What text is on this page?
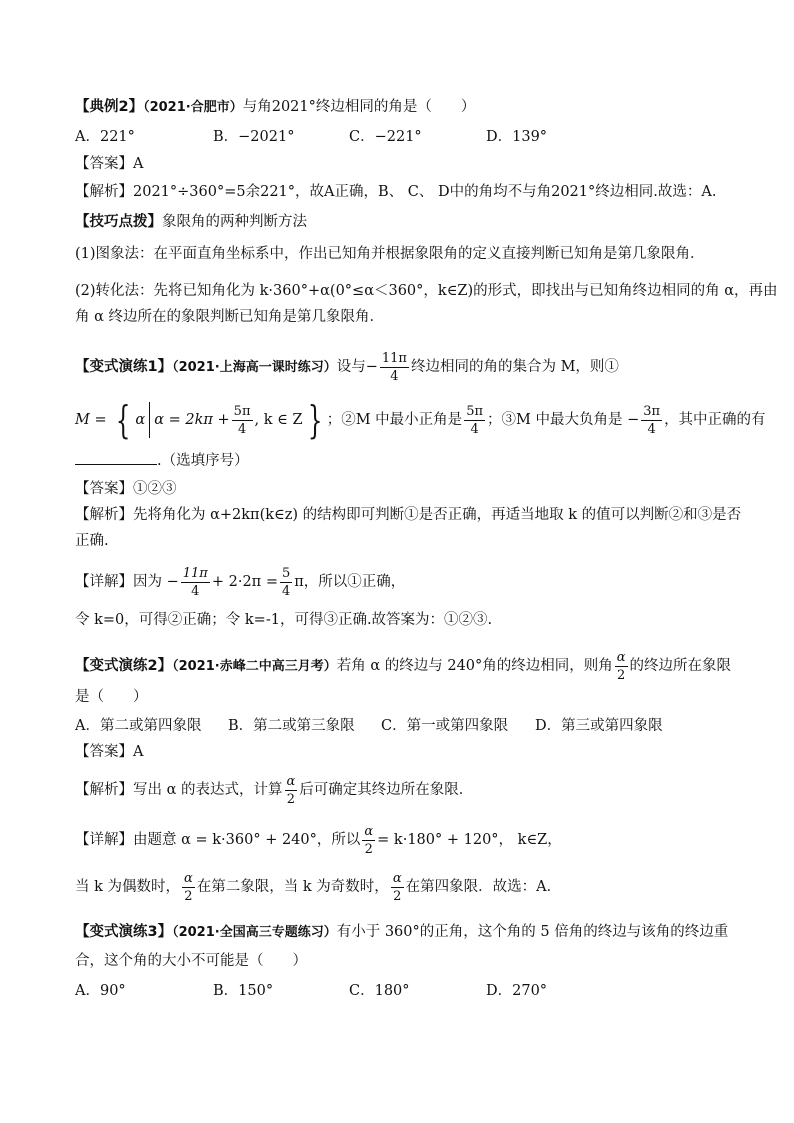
【典例2】（2021·合肥市）与角2021°终边相同的角是（　　）
A．221°	B．−2021°	C．−221°	D．139°
【答案】A
【解析】2021°÷360°=5余221°，故A正确，B、 C、 D中的角均不与角2021°终边相同.故选：A.
【技巧点拨】象限角的两种判断方法
(1)图象法：在平面直角坐标系中，作出已知角并根据象限角的定义直接判断已知角是第几象限角．
(2)转化法：先将已知角化为 k·360°+α(0°≤α＜360°，k∈Z)的形式，即找出与已知角终边相同的角 α，再由
角 α 终边所在的象限判断已知角是第几象限角．
【变式演练1】（2021·上海高一课时练习）设与− $\frac{11\pi}{4}$ 终边相同的角的集合为 M，则①
M = { α $\alpha = 2k\pi + \frac{5\pi}{4}$ , k ∈ Z } ；②M 中最小正角是 $\frac{5\pi}{4}$ ；③M 中最大负角是 − $\frac{3\pi}{4}$ ，其中正确的有
.（选填序号）
【答案】①②③
【解析】先将角化为 α+2kπ(k∈z) 的结构即可判断①是否正确，再适当地取 k 的值可以判断②和③是否
正确.
【详解】因为 − $\frac{11\pi}{4} + 2\cdot 2\pi = \frac{5}{4}$ π，所以①正确，
令 k=0，可得②正确；令 k=-1，可得③正确.故答案为：①②③.
【变式演练2】（2021·赤峰二中高三月考）若角 α 的终边与 240°角的终边相同，则角 $\frac{\alpha}{2}$ 的终边所在象限
是（　　）
A．第二或第四象限 B．第二或第三象限 C．第一或第四象限 D．第三或第四象限
【答案】A
【解析】写出 α 的表达式，计算 $\frac{\alpha}{2}$ 后可确定其终边所在象限．
【详解】由题意 α = k·360° + 240°，所以 $\frac{\alpha}{2} = k\cdot 180^\circ + 120^\circ$， k∈Z，
当 k 为偶数时， $\frac{\alpha}{2}$ 在第二象限，当 k 为奇数时， $\frac{\alpha}{2}$ 在第四象限．故选：A．
【变式演练3】（2021·全国高三专题练习）有小于 360°的正角，这个角的 5 倍角的终边与该角的终边重
合，这个角的大小不可能是（　　）
A．90°	B．150°	C．180°	D．270°
